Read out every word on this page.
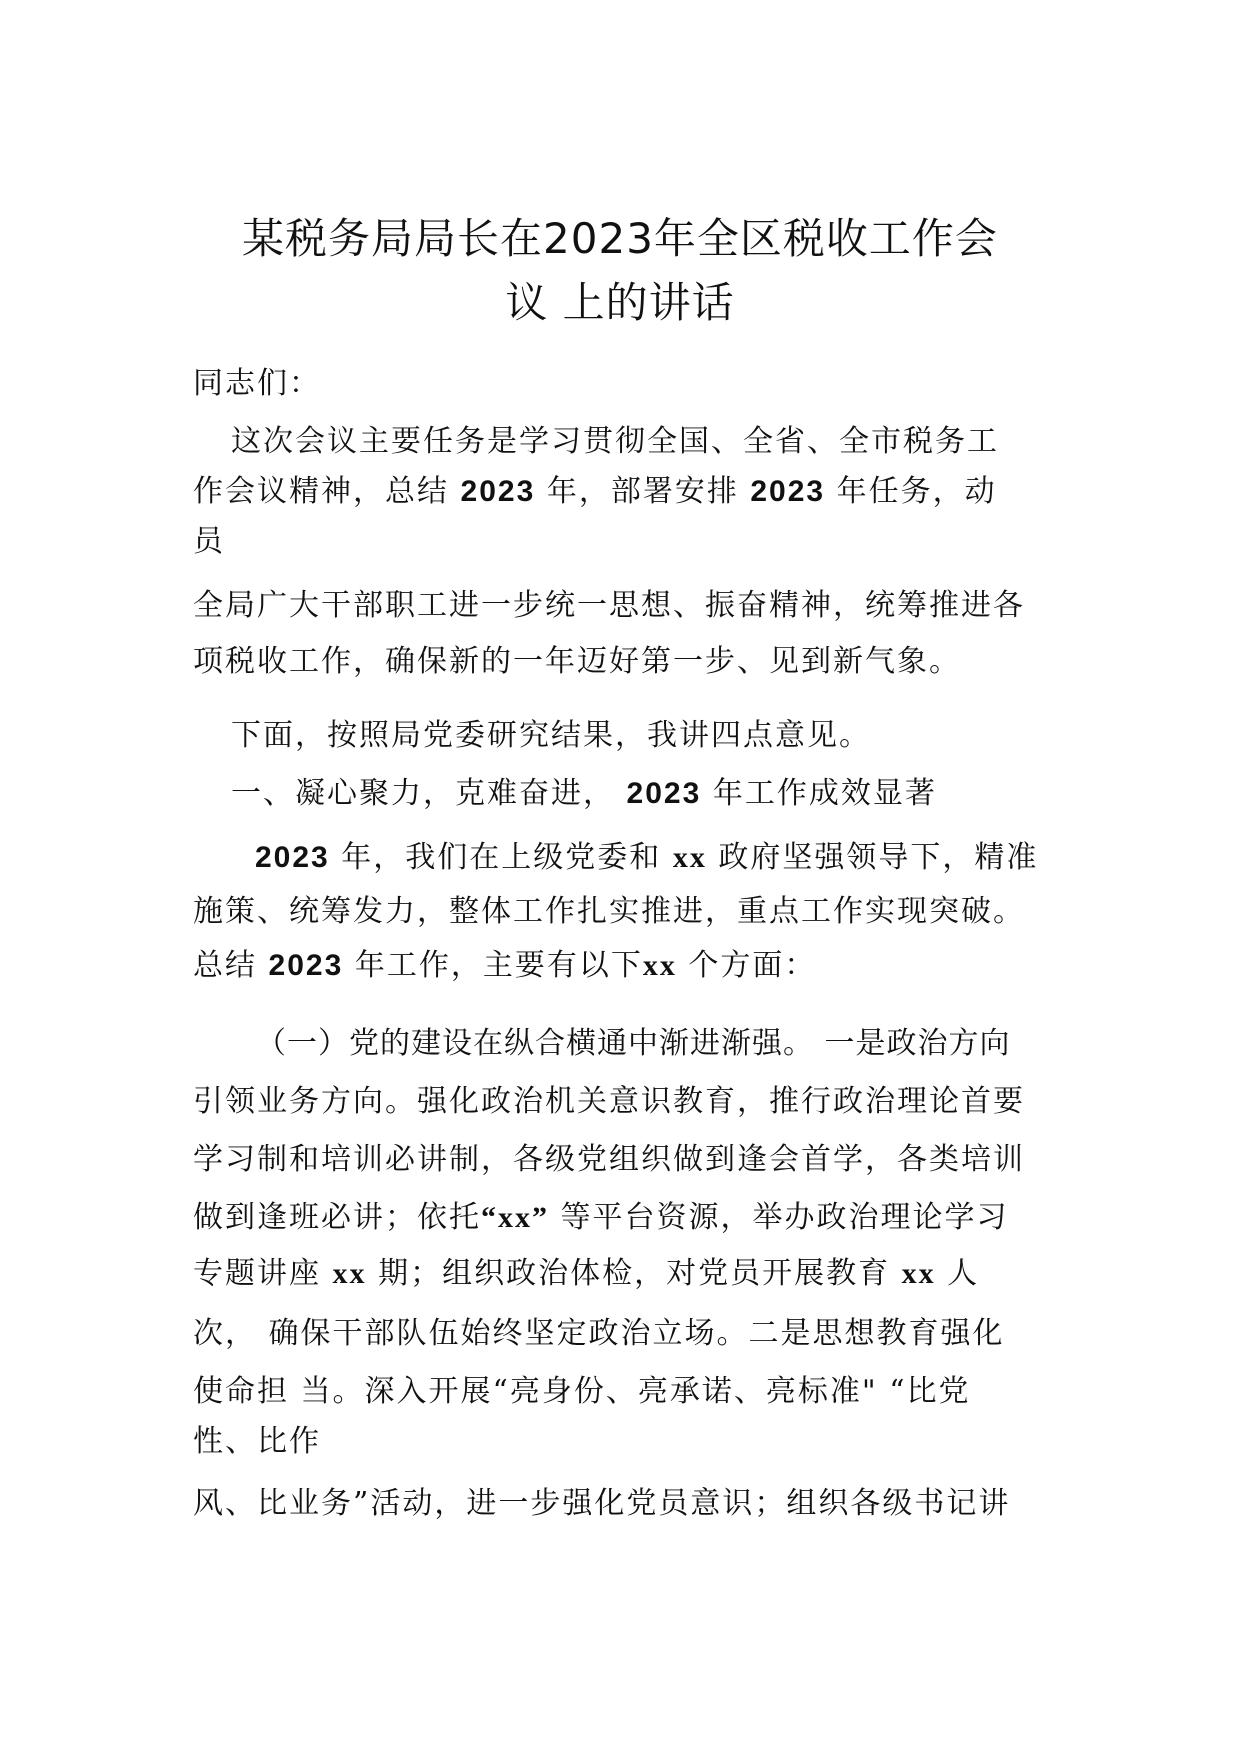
某税务局局长在2023年全区税收工作会
议 上的讲话

同志们：

这次会议主要任务是学习贯彻全国、全省、全市税务工

作会议精神，总结 2023 年，部署安排 2023 年任务，动

员

全局广大干部职工进一步统一思想、振奋精神，统筹推进各

项税收工作，确保新的一年迈好第一步、见到新气象。

下面，按照局党委研究结果，我讲四点意见。

一、凝心聚力，克难奋进， 2023 年工作成效显著

2023 年，我们在上级党委和 xx 政府坚强领导下，精准

施策、统筹发力，整体工作扎实推进，重点工作实现突破。

总结 2023 年工作，主要有以下xx 个方面：

（一）党的建设在纵合横通中渐进渐强。 一是政治方向

引领业务方向。强化政治机关意识教育，推行政治理论首要

学习制和培训必讲制，各级党组织做到逢会首学，各类培训

做到逢班必讲；依托“xx” 等平台资源，举办政治理论学习

专题讲座 xx 期；组织政治体检，对党员开展教育 xx 人

次， 确保干部队伍始终坚定政治立场。二是思想教育强化

使命担 当。深入开展“亮身份、亮承诺、亮标准" “比党

性、比作

风、比业务”活动，进一步强化党员意识；组织各级书记讲
